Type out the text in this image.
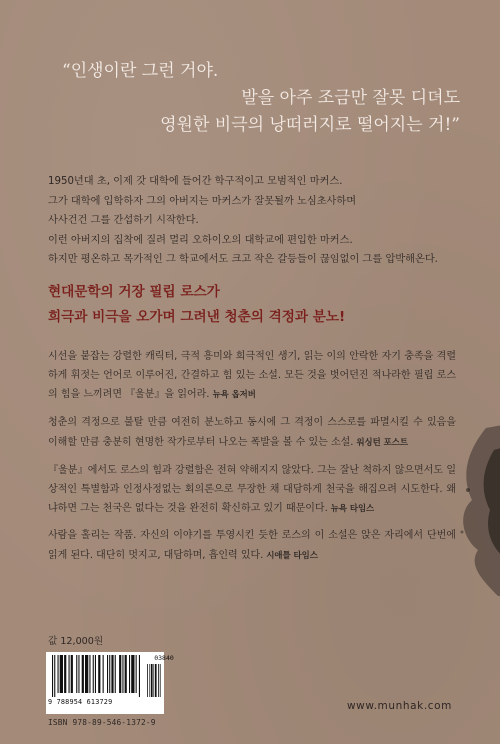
“인생이란 그런 거야.
발을 아주 조금만 잘못 디뎌도
영원한 비극의 낭떠러지로 떨어지는 거!”

1950년대 초, 이제 갓 대학에 들어간 학구적이고 모범적인 마커스.

그가 대학에 입학하자 그의 아버지는 마커스가 잘못될까 노심초사하며

사사건건 그를 간섭하기 시작한다.

이런 아버지의 집착에 질려 멀리 오하이오의 대학교에 편입한 마커스.

하지만 평온하고 목가적인 그 학교에서도 크고 작은 갈등들이 끊임없이 그를 압박해온다.

현대문학의 거장 필립 로스가

희극과 비극을 오가며 그려낸 청춘의 격정과 분노!

시선을 붙잡는 강렬한 캐릭터, 극적 흥미와 희극적인 생기, 읽는 이의 안락한 자기 충족을 격렬하게 휘젓는 언어로 이루어진, 간결하고 힘 있는 소설. 모든 것을 벗어던진 적나라한 필립 로스의 힘을 느끼려면 『울분』을 읽어라. 뉴욕 옵저버
청춘의 격정으로 불탈 만큼 여전히 분노하고 동시에 그 격정이 스스로를 파멸시킬 수 있음을 이해할 만큼 충분히 현명한 작가로부터 나오는 폭발을 볼 수 있는 소설. 워싱턴 포스트
『울분』에서도 로스의 힘과 강렬함은 전혀 약해지지 않았다. 그는 잘난 척하지 않으면서도 일상적인 특별함과 인정사정없는 회의론으로 무장한 채 대담하게 천국을 해집으려 시도한다. 왜냐하면 그는 천국은 없다는 것을 완전히 확신하고 있기 때문이다. 뉴욕 타임스
사람을 홀리는 작품. 자신의 이야기를 투영시킨 듯한 로스의 이 소설은 앉은 자리에서 단번에 읽게 된다. 대단히 멋지고, 대담하며, 흡인력 있다. 시애틀 타임스
값 12,000원
03840
9 788954 613729
ISBN 978-89-546-1372-9
www.munhak.com
